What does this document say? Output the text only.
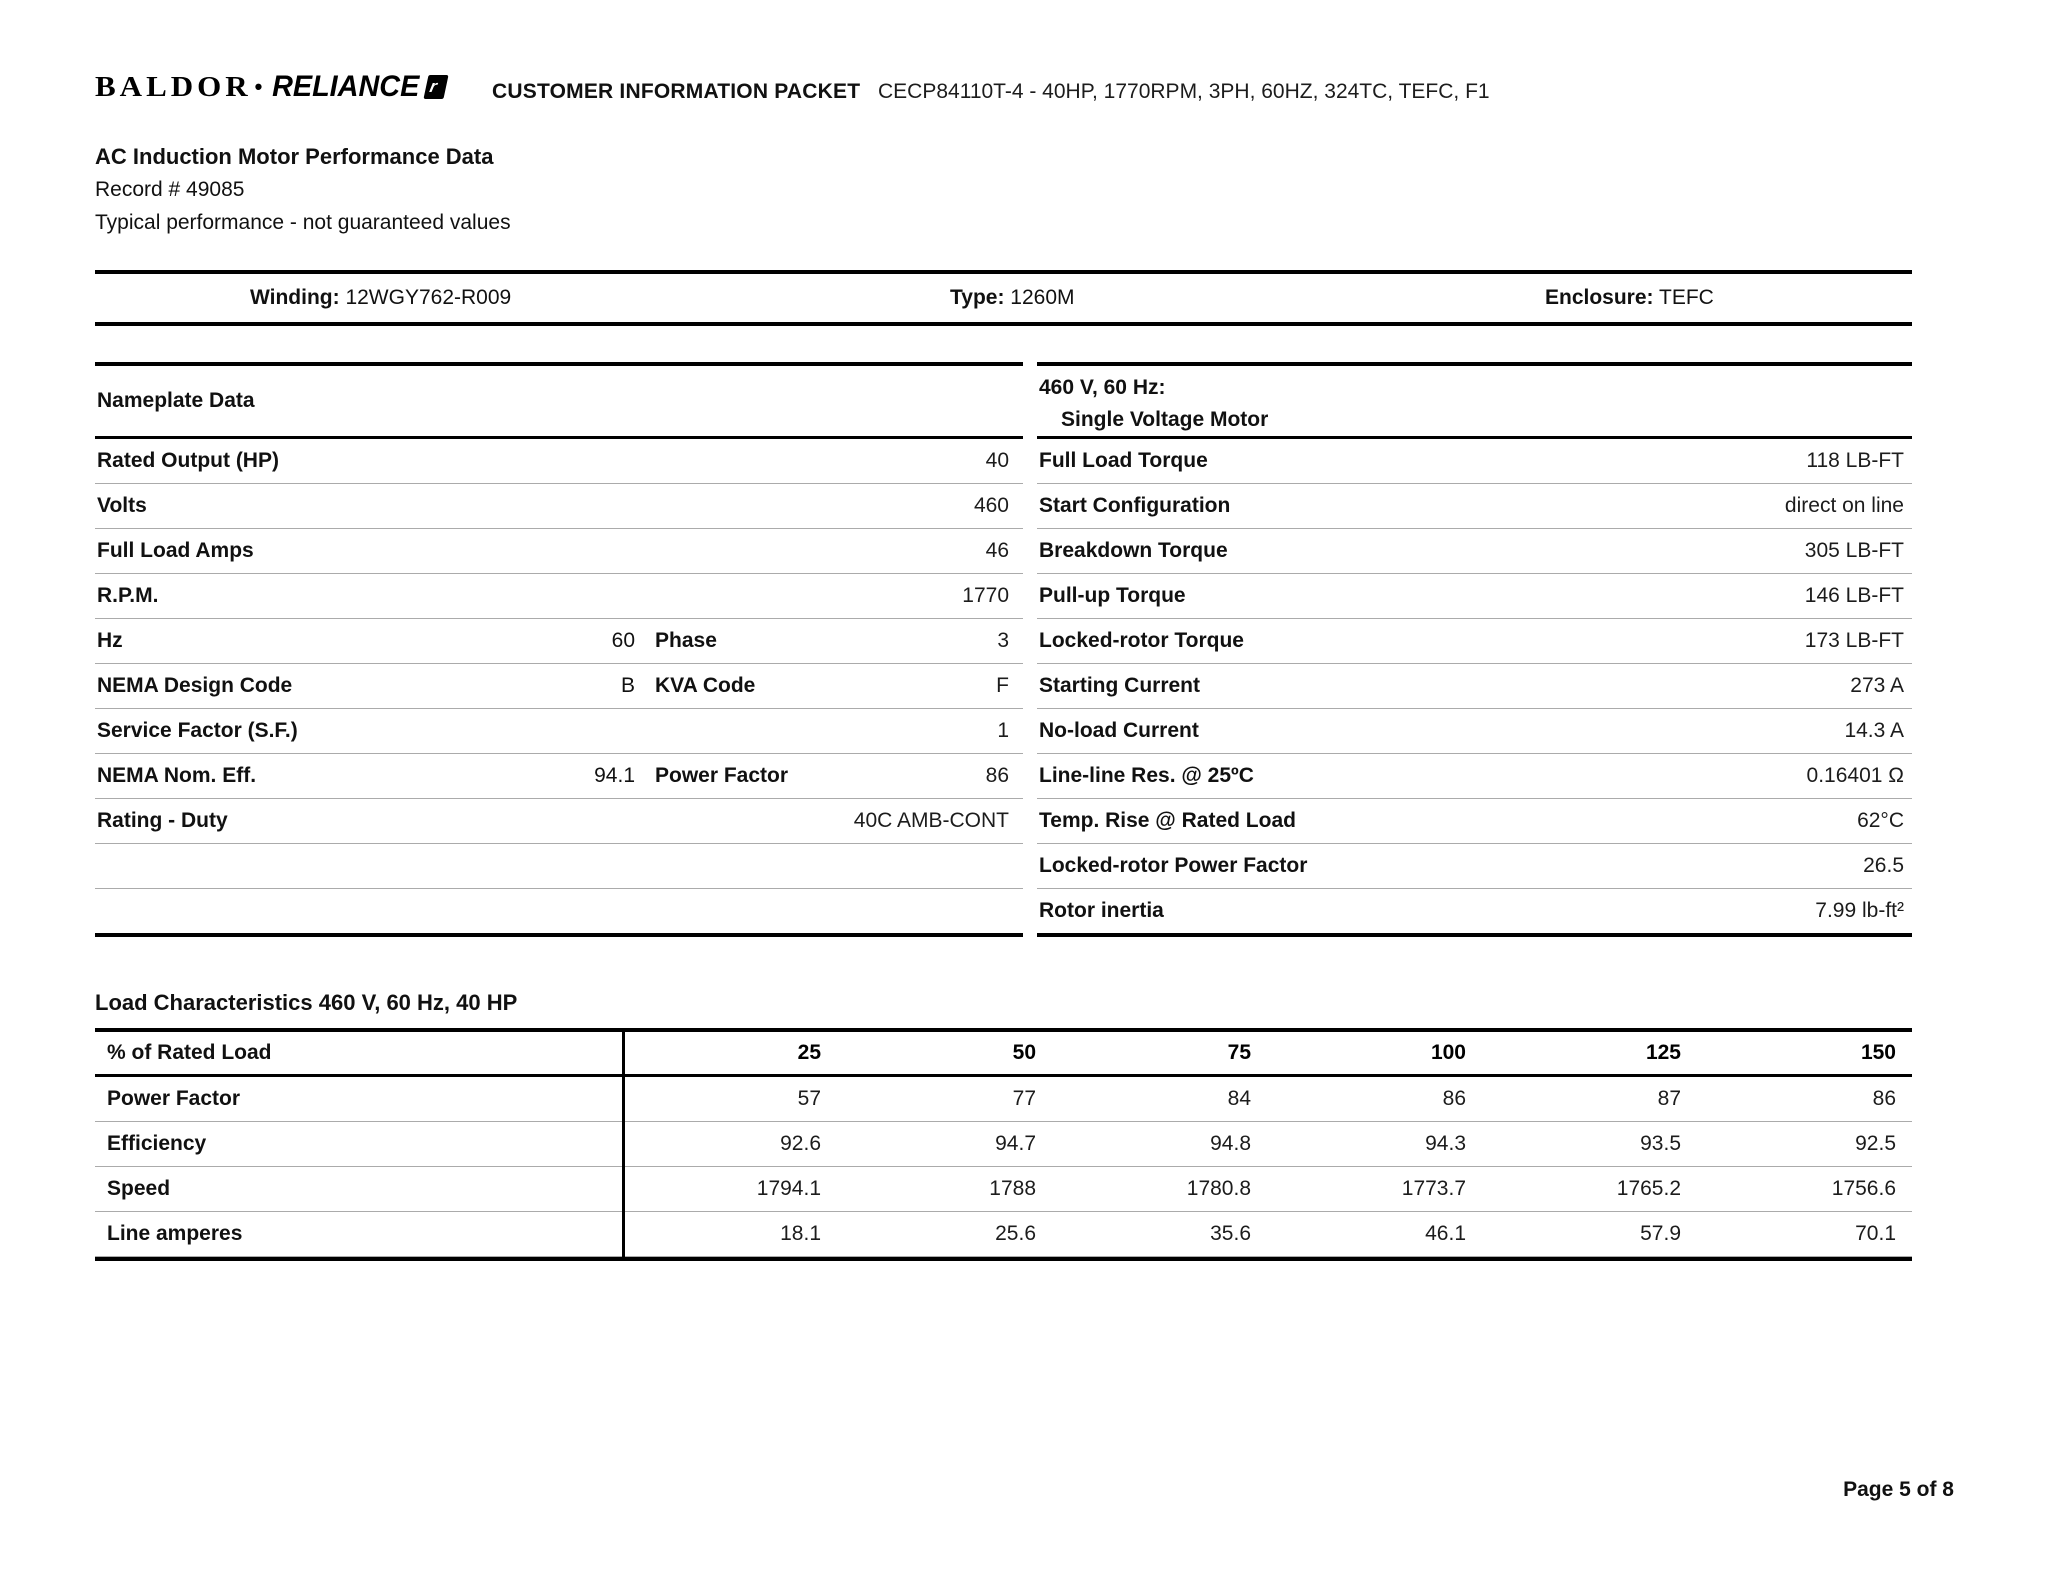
BALDOR • RELIANCE r	CUSTOMER INFORMATION PACKET CECP84110T-4 - 40HP, 1770RPM, 3PH, 60HZ, 324TC, TEFC, F1
AC Induction Motor Performance Data
Record # 49085
Typical performance - not guaranteed values
Winding: 12WGY762-R009	Type: 1260M	Enclosure: TEFC
Nameplate Data
Rated Output (HP)	40
Volts	460
Full Load Amps	46
R.P.M.	1770
Hz	60 Phase	3
NEMA Design Code	B KVA Code	F
Service Factor (S.F.)	1
NEMA Nom. Eff.	94.1 Power Factor	86
Rating - Duty	40C AMB-CONT
460 V, 60 Hz:
Single Voltage Motor
Full Load Torque	118 LB-FT
Start Configuration	direct on line
Breakdown Torque	305 LB-FT
Pull-up Torque	146 LB-FT
Locked-rotor Torque	173 LB-FT
Starting Current	273 A
No-load Current	14.3 A
Line-line Res. @ 25ºC	0.16401 Ω
Temp. Rise @ Rated Load	62°C
Locked-rotor Power Factor	26.5
Rotor inertia	7.99 lb-ft²
Load Characteristics 460 V, 60 Hz, 40 HP
% of Rated Load	25	50	75	100	125	150
Power Factor	57	77	84	86	87	86
Efficiency	92.6	94.7	94.8	94.3	93.5	92.5
Speed	1794.1	1788	1780.8	1773.7	1765.2	1756.6
Line amperes	18.1	25.6	35.6	46.1	57.9	70.1
Page 5 of 8
